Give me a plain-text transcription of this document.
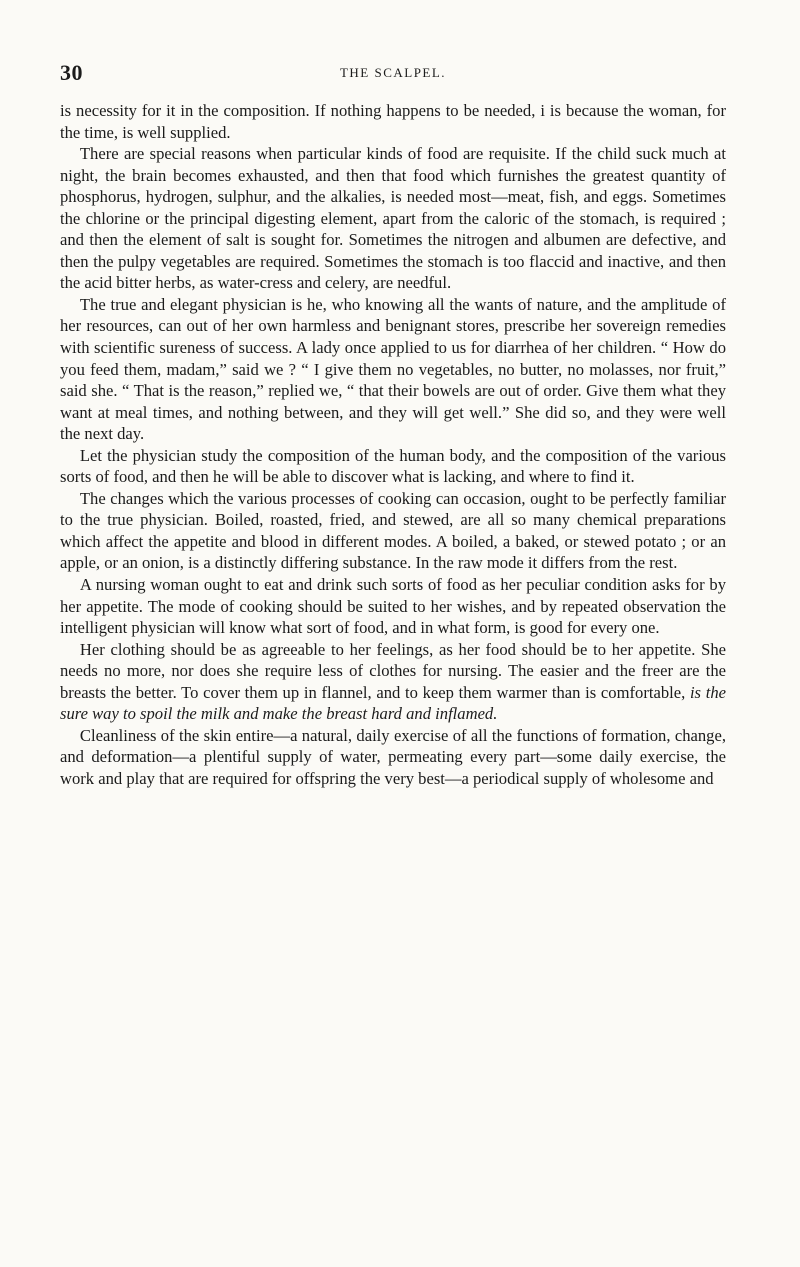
30	THE SCALPEL.

is necessity for it in the composition. If nothing happens to be needed, i is because the woman, for the time, is well supplied.

There are special reasons when particular kinds of food are requisite. If the child suck much at night, the brain becomes exhausted, and then that food which furnishes the greatest quantity of phosphorus, hydrogen, sulphur, and the alkalies, is needed most—meat, fish, and eggs. Sometimes the chlorine or the principal digesting element, apart from the caloric of the stomach, is required ; and then the element of salt is sought for. Sometimes the nitrogen and albumen are defective, and then the pulpy vegetables are required. Sometimes the stomach is too flaccid and inactive, and then the acid bitter herbs, as water-cress and celery, are needful.

The true and elegant physician is he, who knowing all the wants of nature, and the amplitude of her resources, can out of her own harmless and benignant stores, prescribe her sovereign remedies with scientific sureness of success. A lady once applied to us for diarrhea of her children. “ How do you feed them, madam,” said we ? “ I give them no vegetables, no butter, no molasses, nor fruit,” said she. “ That is the reason,” replied we, “ that their bowels are out of order. Give them what they want at meal times, and nothing between, and they will get well.” She did so, and they were well the next day.

Let the physician study the composition of the human body, and the composition of the various sorts of food, and then he will be able to discover what is lacking, and where to find it.

The changes which the various processes of cooking can occasion, ought to be perfectly familiar to the true physician. Boiled, roasted, fried, and stewed, are all so many chemical preparations which affect the appetite and blood in different modes. A boiled, a baked, or stewed potato ; or an apple, or an onion, is a distinctly differing substance. In the raw mode it differs from the rest.

A nursing woman ought to eat and drink such sorts of food as her peculiar condition asks for by her appetite. The mode of cooking should be suited to her wishes, and by repeated observation the intelligent physician will know what sort of food, and in what form, is good for every one.

Her clothing should be as agreeable to her feelings, as her food should be to her appetite. She needs no more, nor does she require less of clothes for nursing. The easier and the freer are the breasts the better. To cover them up in flannel, and to keep them warmer than is comfortable, is the sure way to spoil the milk and make the breast hard and inflamed.

Cleanliness of the skin entire—a natural, daily exercise of all the functions of formation, change, and deformation—a plentiful supply of water, permeating every part—some daily exercise, the work and play that are required for offspring the very best—a periodical supply of wholesome and
